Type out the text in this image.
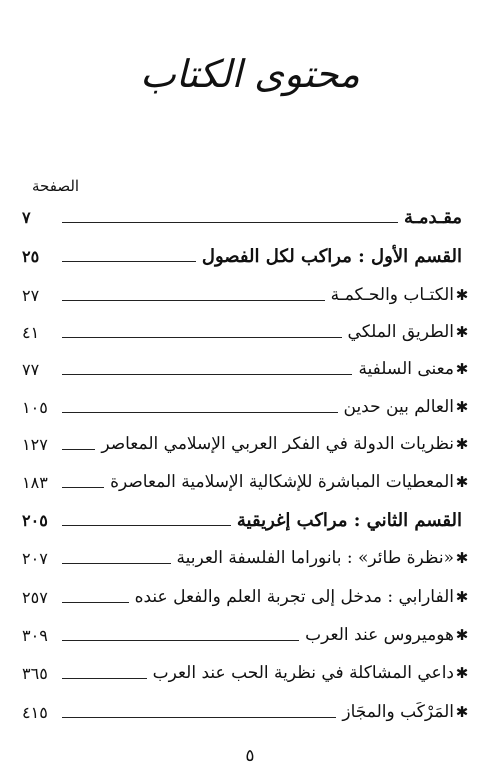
محتوى الكتاب
الصفحة
مقـدمـة
٧
القسم الأول : مراكب لكل الفصول
٢٥
✱
الكتـاب والحـكمـة
٢٧
✱
الطريق الملكي
٤١
✱
معنى السلفية
٧٧
✱
العالم بين حدين
١٠٥
✱
نظريات الدولة في الفكر العربي الإسلامي المعاصر
١٢٧
✱
المعطيات المباشرة للإشكالية الإسلامية المعاصرة
١٨٣
القسم الثاني : مراكب إغريقية
٢٠٥
✱
«نظرة طائر» : بانوراما الفلسفة العربية
٢٠٧
✱
الفارابي : مدخل إلى تجربة العلم والفعل عنده
٢٥٧
✱
هوميروس عند العرب
٣٠٩
✱
داعي المشاكلة في نظرية الحب عند العرب
٣٦٥
✱
المَرْكَب والمجَاز
٤١٥
٥
